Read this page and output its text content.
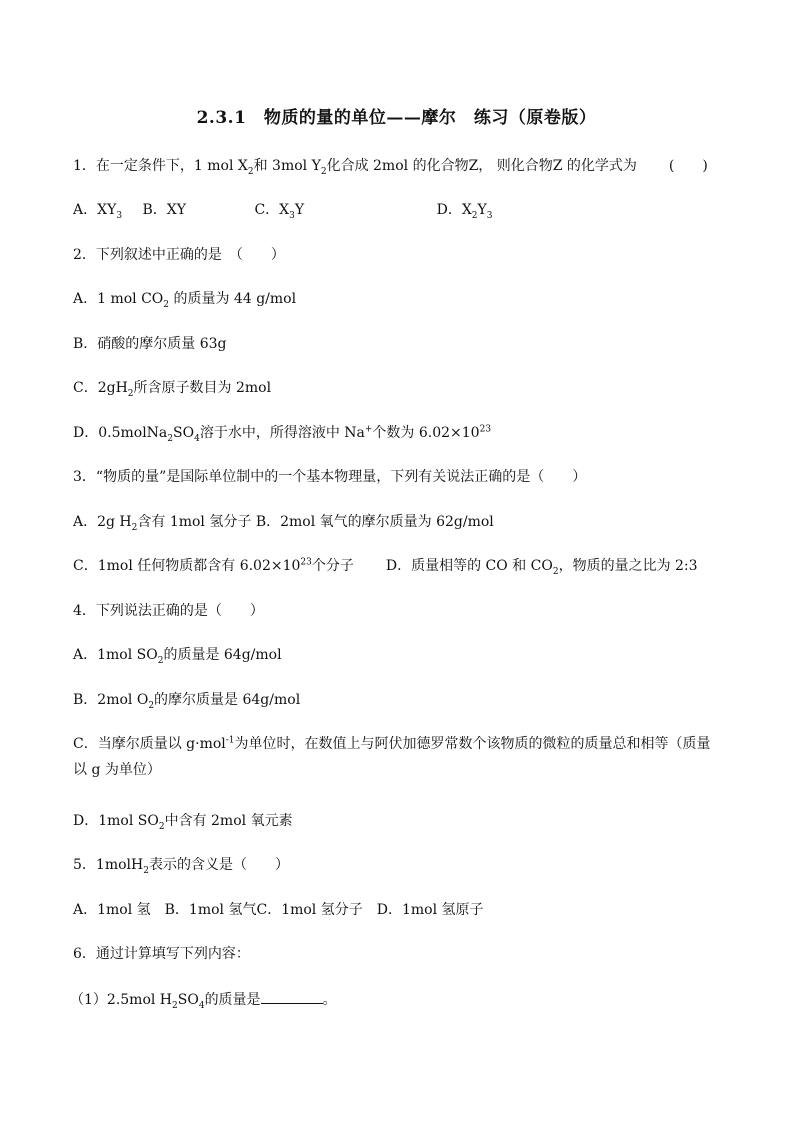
2.3.1　物质的量的单位——摩尔　练习（原卷版）
1．在一定条件下，1 mol $X_2$和 3mol $Y_2$化合成 2mol 的化合物Z， 则化合物Z 的化学式为 (　　)
A．$XY_3$ B．XY	C．$X_3Y$	D．$X_2Y_3$
2．下列叙述中正确的是　（　　）
A．1 mol $CO_2$ 的质量为 44 g/mol
B．硝酸的摩尔质量 63g
C．$2gH_2$所含原子数目为 2mol
D．$0.5molNa_2SO_4$溶于水中，所得溶液中 Na+个数为 $6.02\times 10^{23}$
3．“物质的量”是国际单位制中的一个基本物理量，下列有关说法正确的是（　　）
A．2g $H_2$含有 1mol 氢分子 B．2mol 氧气的摩尔质量为 62g/mol
C．1mol 任何物质都含有 $6.02\times 10^{23}$个分子 D．质量相等的 CO 和 $CO_2$，物质的量之比为 2:3
4．下列说法正确的是（　　）
A．1mol $SO_2$的质量是 64g/mol
B．2mol $O_2$的摩尔质量是 64g/mol
C．当摩尔质量以 g·mol$^{-1}$为单位时，在数值上与阿伏加德罗常数个该物质的微粒的质量总和相等（质量以 g 为单位）
D．1mol $SO_2$中含有 2mol 氧元素
5．1molH$_2$表示的含义是（　　）
A．1mol 氢　B．1mol 氢气C．1mol 氢分子　D．1mol 氢原子
6．通过计算填写下列内容：
（1）2.5mol $H_2SO_4$的质量是	。
